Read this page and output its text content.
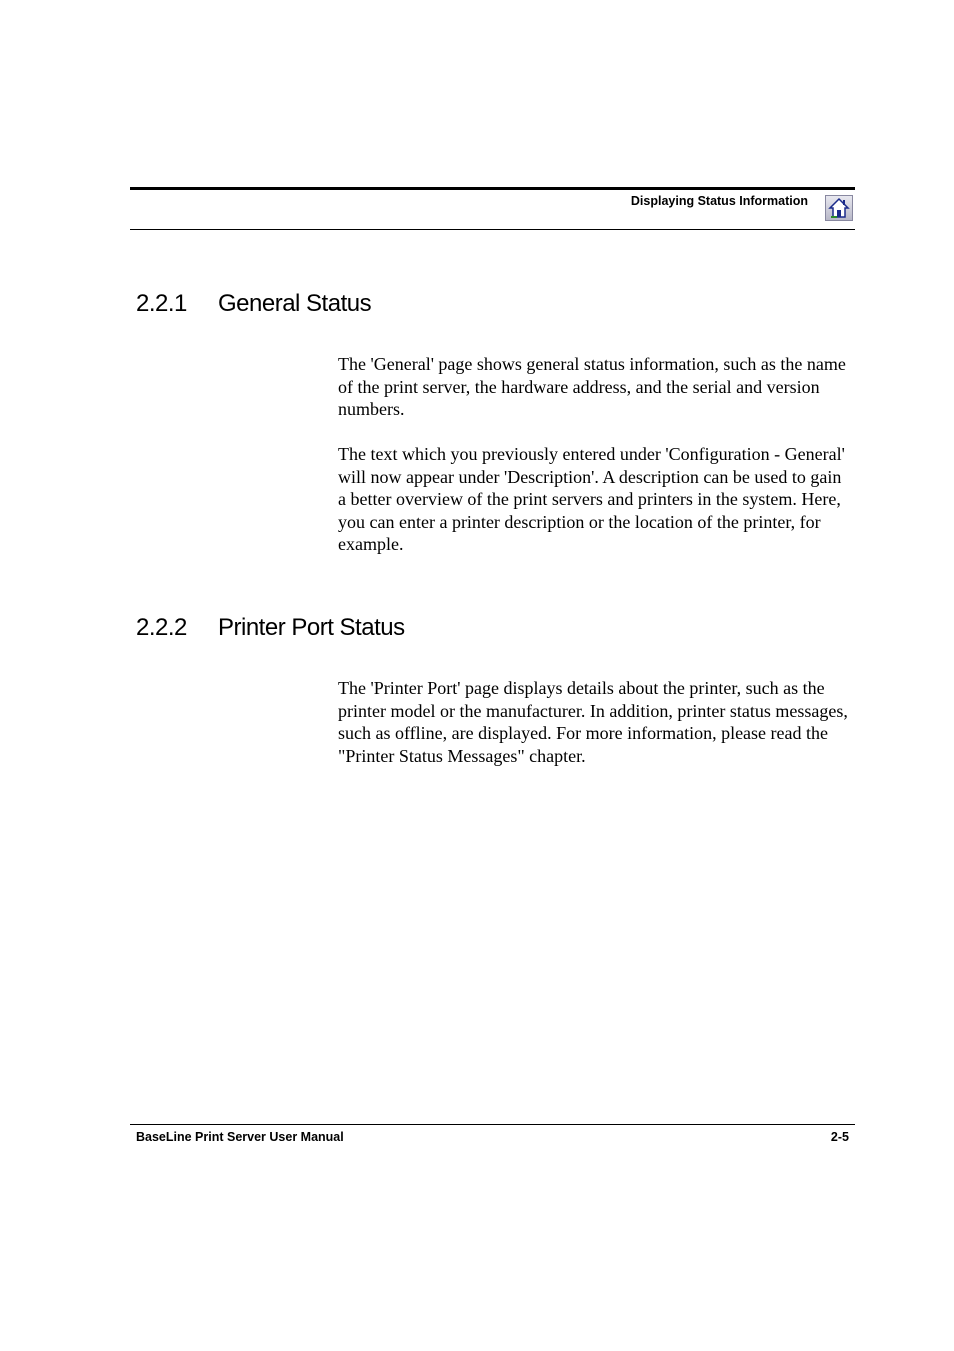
Displaying Status Information
2.2.1 General Status

The 'General' page shows general status information, such as the name of the print server, the hardware address, and the serial and version numbers.

The text which you previously entered under 'Configuration - General' will now appear under 'Description'. A description can be used to gain a better overview of the print servers and printers in the system. Here, you can enter a printer description or the location of the printer, for example.

2.2.2 Printer Port Status

The 'Printer Port' page displays details about the printer, such as the printer model or the manufacturer. In addition, printer status messages, such as offline, are displayed. For more information, please read the "Printer Status Messages" chapter.

BaseLine Print Server User Manual	2-5
